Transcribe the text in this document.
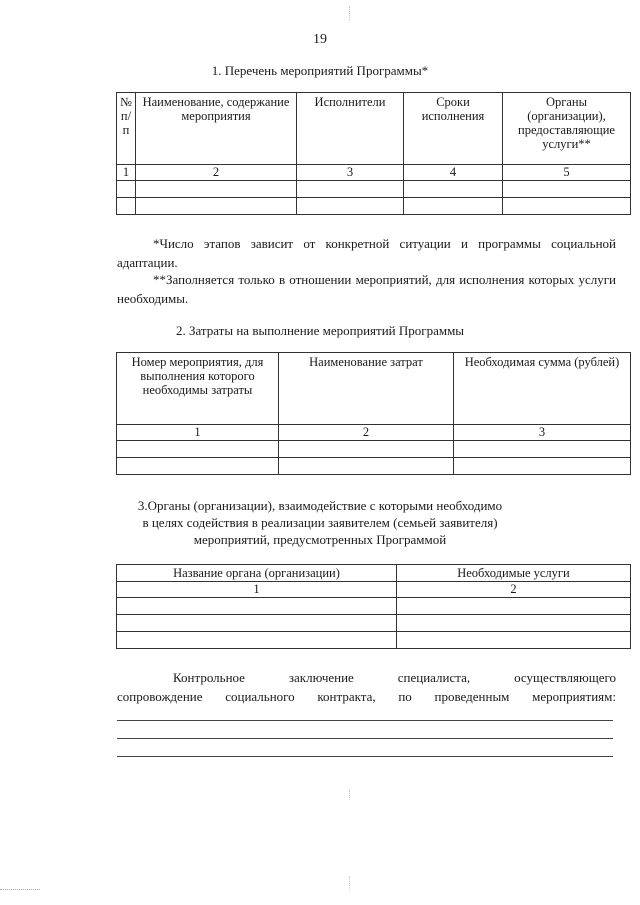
19
1. Перечень мероприятий Программы*
№ п/п	Наименование, содержание мероприятия	Исполнители	Сроки исполнения	Органы (организации), предоставляющие услуги**
1	2	3	4	5

*Число этапов зависит от конкретной ситуации и программы социальной адаптации.
**Заполняется только в отношении мероприятий, для исполнения которых услуги необходимы.
2. Затраты на выполнение мероприятий Программы
Номер мероприятия, для выполнения которого необходимы затраты	Наименование затрат	Необходимая сумма (рублей)
1	2	3

3.Органы (организации), взаимодействие с которыми необходимо
в целях содействия в реализации заявителем (семьей заявителя)
мероприятий, предусмотренных Программой
Название органа (организации)	Необходимые услуги
1	2

Контрольное заключение специалиста, осуществляющего
сопровождение социального контракта, по проведенным мероприятиям:
